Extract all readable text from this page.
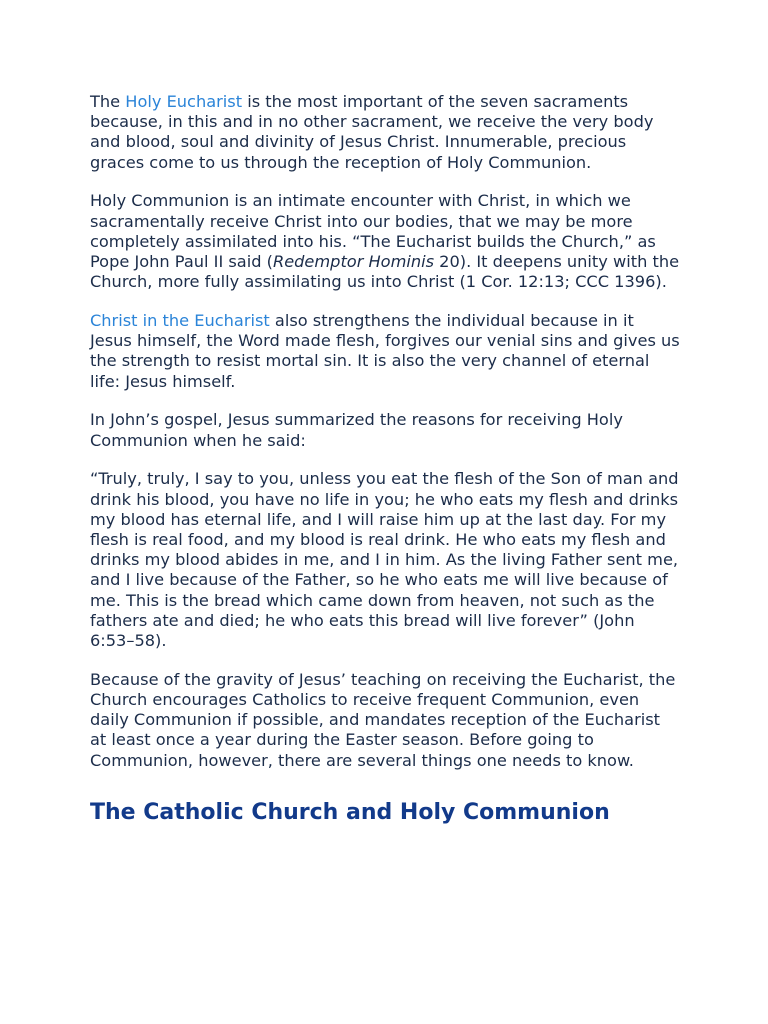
The Holy Eucharist is the most important of the seven sacraments because, in this and in no other sacrament, we receive the very body and blood, soul and divinity of Jesus Christ. Innumerable, precious graces come to us through the reception of Holy Communion.

Holy Communion is an intimate encounter with Christ, in which we sacramentally receive Christ into our bodies, that we may be more completely assimilated into his. “The Eucharist builds the Church,” as Pope John Paul II said (Redemptor Hominis 20). It deepens unity with the Church, more fully assimilating us into Christ (1 Cor. 12:13; CCC 1396).

Christ in the Eucharist also strengthens the individual because in it Jesus himself, the Word made flesh, forgives our venial sins and gives us the strength to resist mortal sin. It is also the very channel of eternal life: Jesus himself.

In John’s gospel, Jesus summarized the reasons for receiving Holy Communion when he said:

“Truly, truly, I say to you, unless you eat the flesh of the Son of man and drink his blood, you have no life in you; he who eats my flesh and drinks my blood has eternal life, and I will raise him up at the last day. For my flesh is real food, and my blood is real drink. He who eats my flesh and drinks my blood abides in me, and I in him. As the living Father sent me, and I live because of the Father, so he who eats me will live because of me. This is the bread which came down from heaven, not such as the fathers ate and died; he who eats this bread will live forever” (John 6:53–58).

Because of the gravity of Jesus’ teaching on receiving the Eucharist, the Church encourages Catholics to receive frequent Communion, even daily Communion if possible, and mandates reception of the Eucharist at least once a year during the Easter season. Before going to Communion, however, there are several things one needs to know.

The Catholic Church and Holy Communion
